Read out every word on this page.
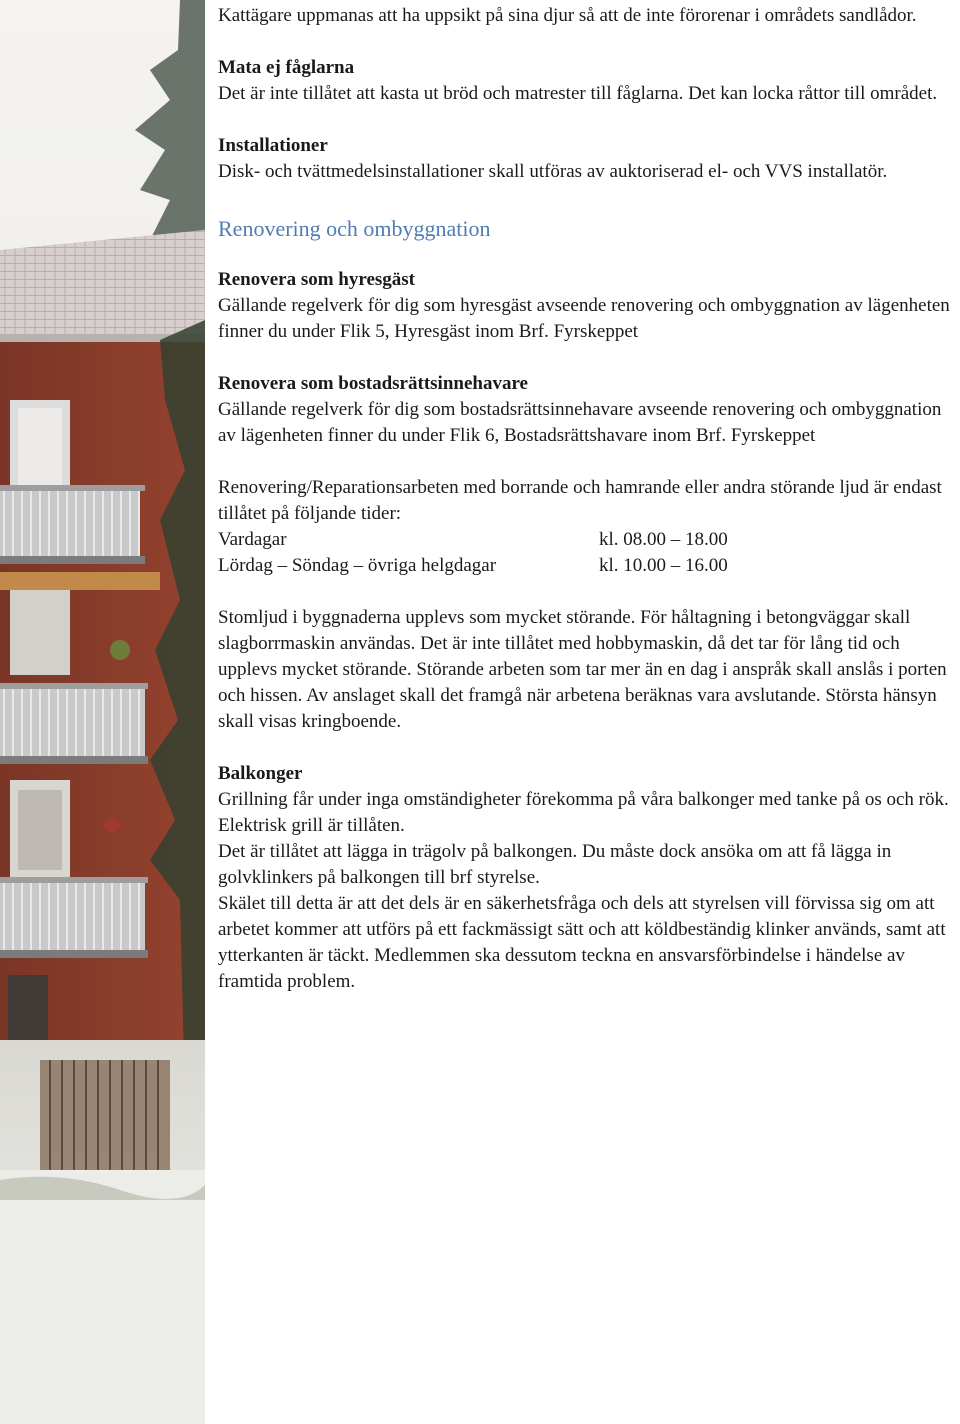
Kattägare uppmanas att ha uppsikt på sina djur så att de inte förorenar i områdets sandlådor.

Mata ej fåglarna

Det är inte tillåtet att kasta ut bröd och matrester till fåglarna. Det kan locka råttor till området.

Installationer

Disk- och tvättmedelsinstallationer skall utföras av auktoriserad el- och VVS installatör.

Renovering och ombyggnation
Renovera som hyresgäst

Gällande regelverk för dig som hyresgäst avseende renovering och ombyggnation av lägenheten finner du under Flik 5, Hyresgäst inom Brf. Fyrskeppet

Renovera som bostadsrättsinnehavare

Gällande regelverk för dig som bostadsrättsinnehavare avseende renovering och ombyggnation av lägenheten finner du under Flik 6, Bostadsrättshavare inom Brf. Fyrskeppet

Renovering/Reparationsarbeten med borrande och hamrande eller andra störande ljud är endast tillåtet på följande tider:

Vardagar	kl. 08.00 – 18.00
Lördag – Söndag – övriga helgdagar	kl. 10.00 – 16.00

Stomljud i byggnaderna upplevs som mycket störande. För håltagning i betongväggar skall slagborrmaskin användas. Det är inte tillåtet med hobbymaskin, då det tar för lång tid och upplevs mycket störande. Störande arbeten som tar mer än en dag i anspråk skall anslås i porten och hissen. Av anslaget skall det framgå när arbetena beräknas vara avslutande. Största hänsyn skall visas kringboende.

Balkonger

Grillning får under inga omständigheter förekomma på våra balkonger med tanke på os och rök. Elektrisk grill är tillåten.

Det är tillåtet att lägga in trägolv på balkongen. Du måste dock ansöka om att få lägga in golvklinkers på balkongen till brf styrelse.

Skälet till detta är att det dels är en säkerhetsfråga och dels att styrelsen vill förvissa sig om att arbetet kommer att utförs på ett fackmässigt sätt och att köldbeständig klinker används, samt att ytterkanten är täckt. Medlemmen ska dessutom teckna en ansvarsförbindelse i händelse av framtida problem.
